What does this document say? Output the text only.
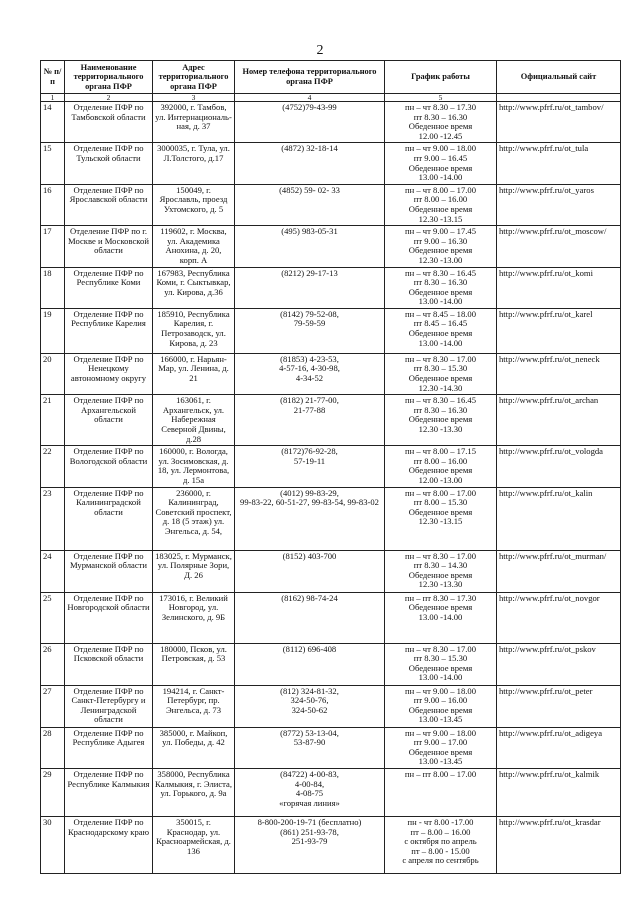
2
№ п/п	Наименование территориального органа ПФР	Адрес территориального органа ПФР	Номер телефона территориального органа ПФР	График работы	Официальный сайт
1	2	3	4	5	
14	Отделение ПФР по Тамбовской области	392000, г. Тамбов, ул. Интернациональ-ная, д. 37	(4752)79-43-99	пн – чт 8.30 – 17.30
пт 8.30 – 16.30
Обеденное время
12.00 -12.45	http://www.pfrf.ru/ot_tambov/
15	Отделение ПФР по Тульской области	3000035, г. Тула, ул. Л.Толстого, д.17	(4872) 32-18-14	пн – чт 9.00 – 18.00
пт 9.00 – 16.45
Обеденное время
13.00 -14.00	http://www.pfrf.ru/ot_tula
16	Отделение ПФР по Ярославской области	150049, г. Ярославль, проезд Ухтомского, д. 5	(4852) 59- 02- 33	пн – чт 8.00 – 17.00
пт 8.00 – 16.00
Обеденное время
12.30 -13.15	http://www.pfrf.ru/ot_yaros
17	Отделение ПФР по г. Москве и Московской области	119602, г. Москва, ул. Академика Анохина, д. 20, корп. А	(495) 983-05-31	пн – чт 9.00 – 17.45
пт 9.00 – 16.30
Обеденное время
12.30 -13.00	http://www.pfrf.ru/ot_moscow/
18	Отделение ПФР по Республике Коми	167983, Республика Коми, г. Сыктывкар, ул. Кирова, д.36	(8212) 29-17-13	пн – чт 8.30 – 16.45
пт 8.30 – 16.30
Обеденное время
13.00 -14.00	http://www.pfrf.ru/ot_komi
19	Отделение ПФР по Республике Карелия	185910, Республика Карелия, г. Петрозаводск, ул. Кирова, д. 23	(8142) 79-52-08,
79-59-59	пн – чт 8.45 – 18.00
пт 8.45 – 16.45
Обеденное время
13.00 -14.00	http://www.pfrf.ru/ot_karel
20	Отделение ПФР по Ненецкому автономному округу	166000, г. Нарьян-Мар, ул. Ленина, д. 21	(81853) 4-23-53,
4-57-16, 4-30-98,
4-34-52	пн – чт 8.30 – 17.00
пт 8.30 – 15.30
Обеденное время
12.30 -14.30	http://www.pfrf.ru/ot_neneck
21	Отделение ПФР по Архангельской области	163061, г. Архангельск, ул. Набережная Северной Двины, д.28	(8182) 21-77-00,
21-77-88	пн – чт 8.30 – 16.45
пт 8.30 – 16.30
Обеденное время
12.30 -13.30	http://www.pfrf.ru/ot_archan
22	Отделение ПФР по Вологодской области	160000, г. Вологда, ул. Зосимовская, д. 18, ул. Лермонтова, д. 15а	(8172)76-92-28,
57-19-11	пн – чт 8.00 – 17.15
пт 8.00 – 16.00
Обеденное время
12.00 -13.00	http://www.pfrf.ru/ot_vologda
23	Отделение ПФР по Калининградской области	236000, г. Калининград, Советский проспект, д. 18 (5 этаж) ул. Энгельса, д. 54,	(4012) 99-83-29,
99-83-22, 60-51-27, 99-83-54, 99-83-02	пн – чт 8.00 – 17.00
пт 8.00 – 15.30
Обеденное время
12.30 -13.15	http://www.pfrf.ru/ot_kalin
24	Отделение ПФР по Мурманской области	183025, г. Мурманск, ул. Полярные Зори, Д. 26	(8152) 403-700	пн – чт 8.30 – 17.00
пт 8.30 – 14.30
Обеденное время
12.30 -13.30	http://www.pfrf.ru/ot_murman/
25	Отделение ПФР по Новгородской области	173016, г. Великий Новгород, ул. Зелинского, д. 9Б	(8162) 98-74-24	пн – пт 8.30 – 17.30
Обеденное время
13.00 -14.00	http://www.pfrf.ru/ot_novgor
26	Отделение ПФР по Псковской области	180000, Псков, ул. Петровская, д. 53	(8112) 696-408	пн – чт 8.30 – 17.00
пт 8.30 – 15.30
Обеденное время
13.00 -14.00	http://www.pfrf.ru/ot_pskov
27	Отделение ПФР по Санкт-Петербургу и Ленинградской области	194214, г. Санкт-Петербург, пр. Энгельса, д. 73	(812) 324-81-32,
324-50-76,
324-50-62	пн – чт 9.00 – 18.00
пт 9.00 – 16.00
Обеденное время
13.00 -13.45	http://www.pfrf.ru/ot_peter
28	Отделение ПФР по Республике Адыгея	385000, г. Майкоп, ул. Победы, д. 42	(8772) 53-13-04,
53-87-90	пн – чт 9.00 – 18.00
пт 9.00 – 17.00
Обеденное время
13.00 -13.45	http://www.pfrf.ru/ot_adigeya
29	Отделение ПФР по Республике Калмыкия	358000, Республика Калмыкия, г. Элиста, ул. Горького, д. 9а	(84722) 4-00-83,
4-00-84,
4-08-75
«горячая линия»	пн – пт 8.00 – 17.00	http://www.pfrf.ru/ot_kalmik
30	Отделение ПФР по Краснодарскому краю	350015, г. Краснодар, ул. Красноармейская, д. 136	8-800-200-19-71 (бесплатно)
(861) 251-93-78,
251-93-79	пн - чт 8.00 -17.00
пт – 8.00 – 16.00
с октября по апрель
пт – 8.00 - 15.00
с апреля по сентябрь	http://www.pfrf.ru/ot_krasdar
